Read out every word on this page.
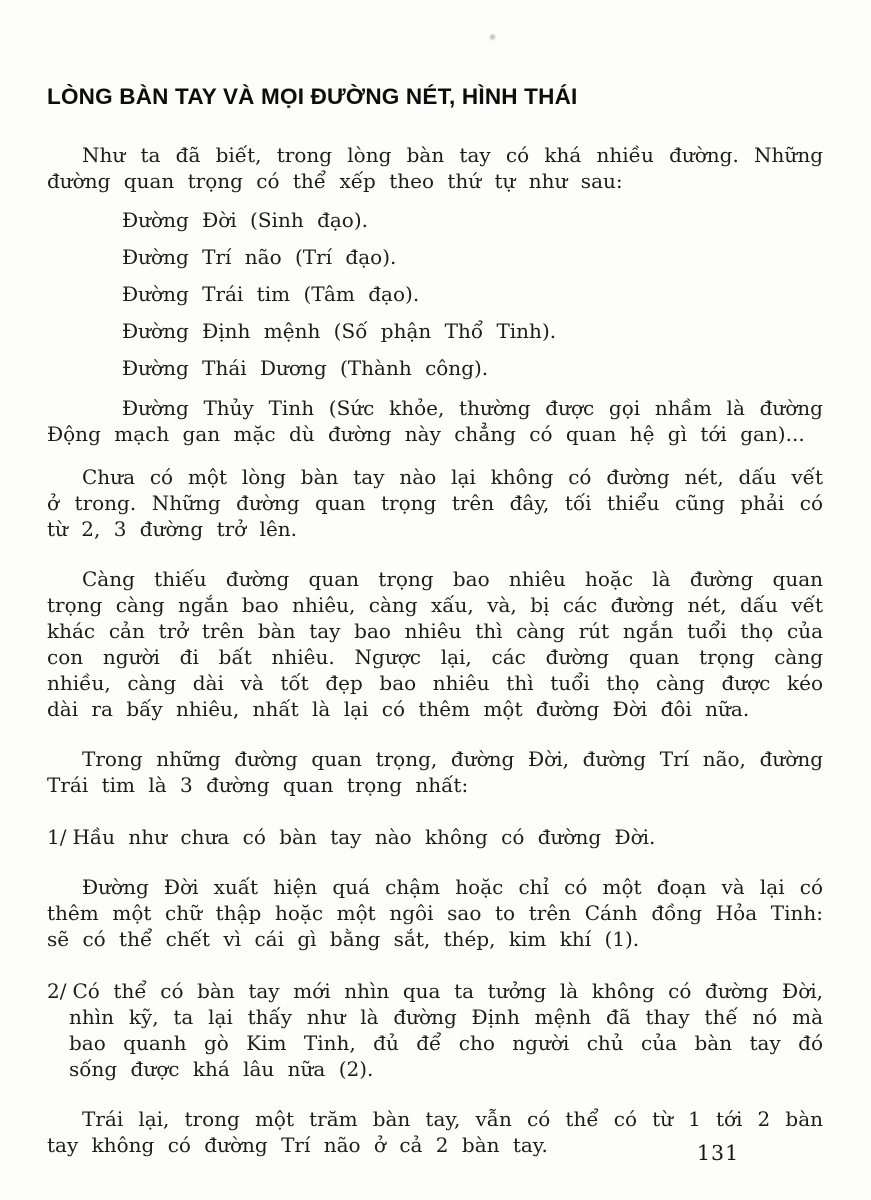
LÒNG BÀN TAY VÀ MỌI ĐƯỜNG NÉT, HÌNH THÁI

Như ta đã biết, trong lòng bàn tay có khá nhiều đường. Những đường quan trọng có thể xếp theo thứ tự như sau:

Đường Đời (Sinh đạo).
Đường Trí não (Trí đạo).
Đường Trái tim (Tâm đạo).
Đường Định mệnh (Số phận Thổ Tinh).
Đường Thái Dương (Thành công).

Đường Thủy Tinh (Sức khỏe, thường được gọi nhầm là đường Động mạch gan mặc dù đường này chẳng có quan hệ gì tới gan)...

Chưa có một lòng bàn tay nào lại không có đường nét, dấu vết ở trong. Những đường quan trọng trên đây, tối thiểu cũng phải có từ 2, 3 đường trở lên.

Càng thiếu đường quan trọng bao nhiêu hoặc là đường quan trọng càng ngắn bao nhiêu, càng xấu, và, bị các đường nét, dấu vết khác cản trở trên bàn tay bao nhiêu thì càng rút ngắn tuổi thọ của con người đi bất nhiêu. Ngược lại, các đường quan trọng càng nhiều, càng dài và tốt đẹp bao nhiêu thì tuổi thọ càng được kéo dài ra bấy nhiêu, nhất là lại có thêm một đường Đời đôi nữa.

Trong những đường quan trọng, đường Đời, đường Trí não, đường Trái tim là 3 đường quan trọng nhất:

1/ Hầu như chưa có bàn tay nào không có đường Đời.

Đường Đời xuất hiện quá chậm hoặc chỉ có một đoạn và lại có thêm một chữ thập hoặc một ngôi sao to trên Cánh đồng Hỏa Tinh: sẽ có thể chết vì cái gì bằng sắt, thép, kim khí (1).

2/ Có thể có bàn tay mới nhìn qua ta tưởng là không có đường Đời, nhìn kỹ, ta lại thấy như là đường Định mệnh đã thay thế nó mà bao quanh gò Kim Tinh, đủ để cho người chủ của bàn tay đó sống được khá lâu nữa (2).

Trái lại, trong một trăm bàn tay, vẫn có thể có từ 1 tới 2 bàn tay không có đường Trí não ở cả 2 bàn tay.	131
